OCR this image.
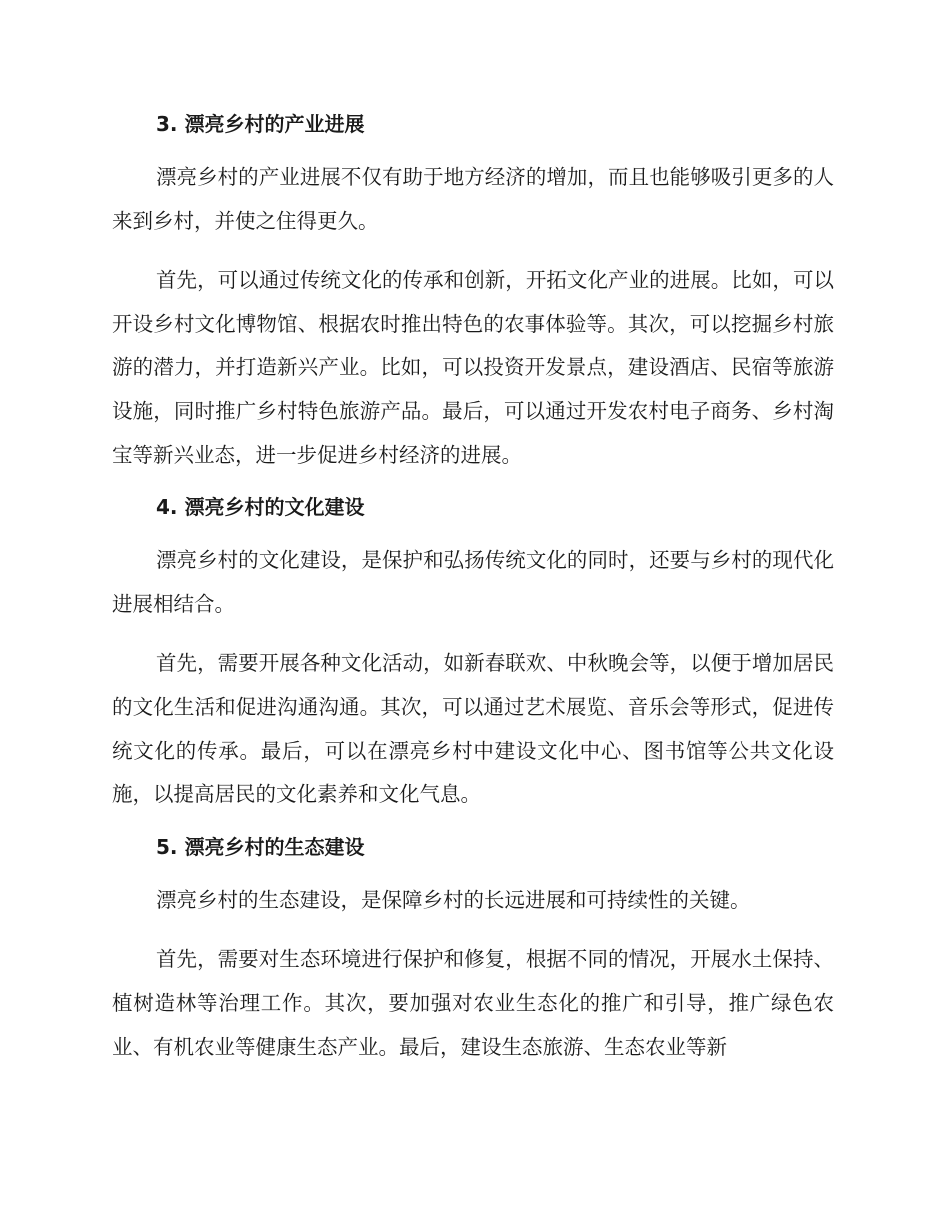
3. 漂亮乡村的产业进展

漂亮乡村的产业进展不仅有助于地方经济的增加，而且也能够吸引更多的人来到乡村，并使之住得更久。

首先，可以通过传统文化的传承和创新，开拓文化产业的进展。比如，可以开设乡村文化博物馆、根据农时推出特色的农事体验等。其次，可以挖掘乡村旅游的潜力，并打造新兴产业。比如，可以投资开发景点，建设酒店、民宿等旅游设施，同时推广乡村特色旅游产品。最后，可以通过开发农村电子商务、乡村淘宝等新兴业态，进一步促进乡村经济的进展。

4. 漂亮乡村的文化建设

漂亮乡村的文化建设，是保护和弘扬传统文化的同时，还要与乡村的现代化进展相结合。

首先，需要开展各种文化活动，如新春联欢、中秋晚会等，以便于增加居民的文化生活和促进沟通沟通。其次，可以通过艺术展览、音乐会等形式，促进传统文化的传承。最后，可以在漂亮乡村中建设文化中心、图书馆等公共文化设施，以提高居民的文化素养和文化气息。

5. 漂亮乡村的生态建设

漂亮乡村的生态建设，是保障乡村的长远进展和可持续性的关键。

首先，需要对生态环境进行保护和修复，根据不同的情况，开展水土保持、植树造林等治理工作。其次，要加强对农业生态化的推广和引导，推广绿色农业、有机农业等健康生态产业。最后，建设生态旅游、生态农业等新
